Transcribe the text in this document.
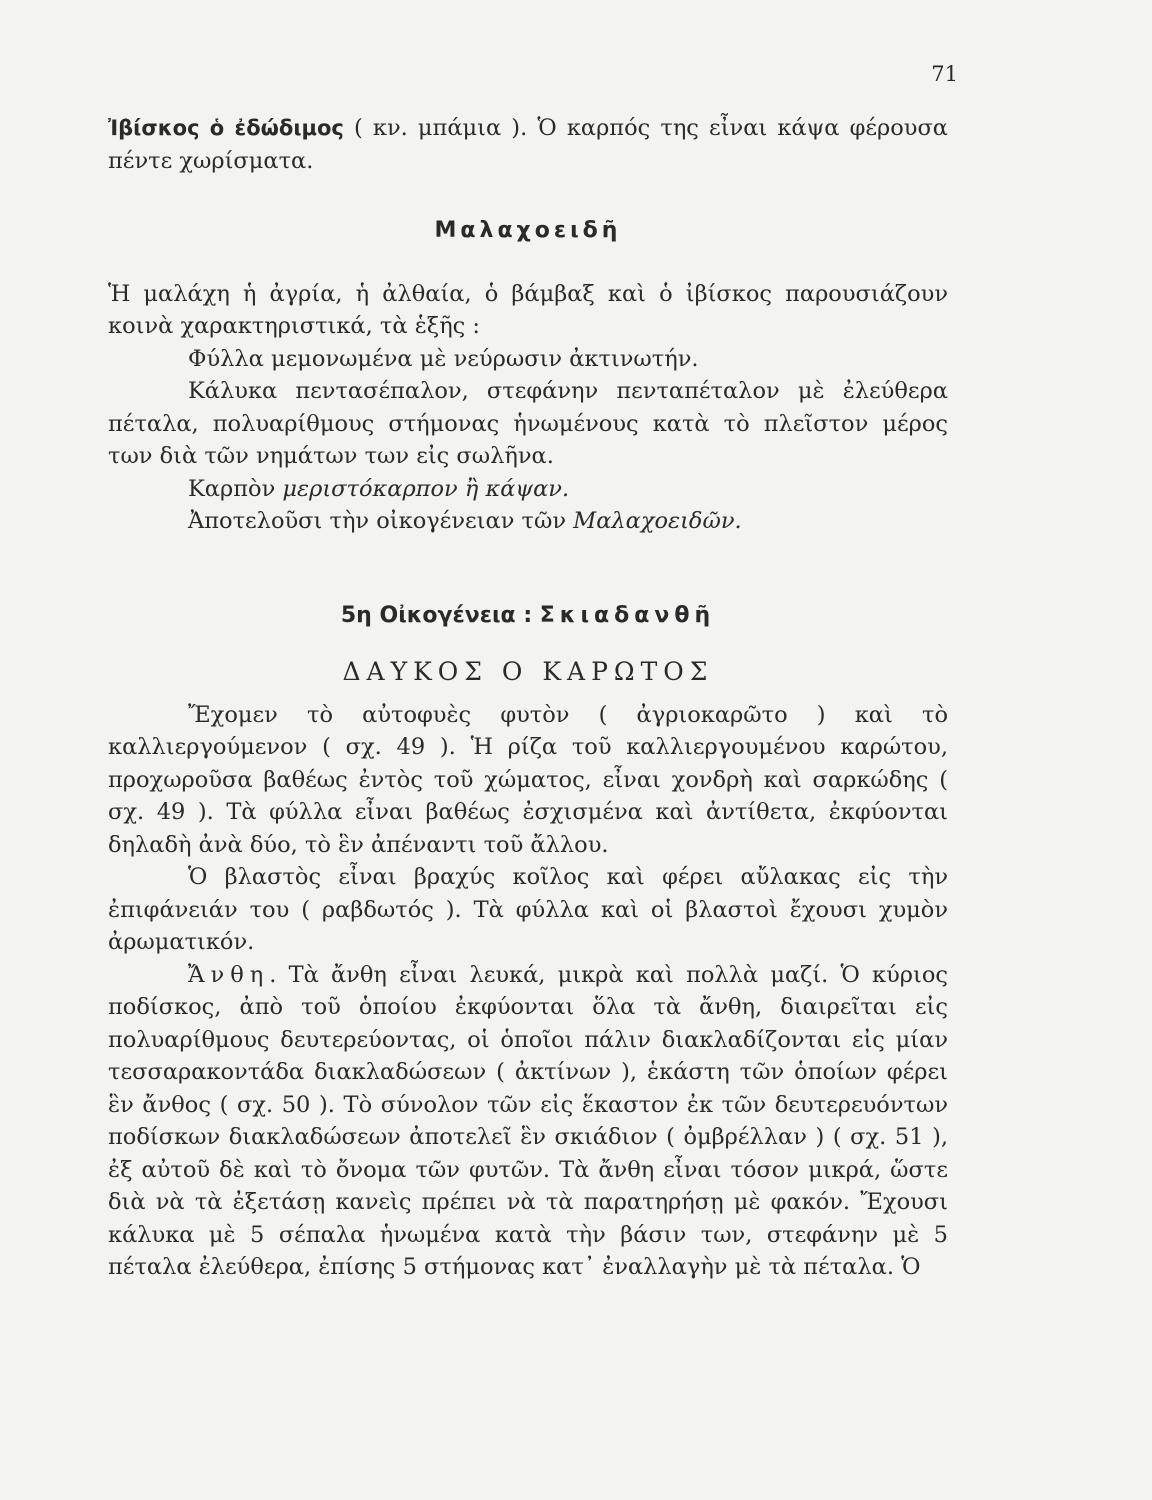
71

Ἰβίσκος ὁ ἐδώδιμος ( κν. μπάμια ). Ὁ καρπός της εἶναι κάψα φέρουσα πέντε χωρίσματα.

Μαλαχοειδῆ

Ἡ μαλάχη ἡ ἀγρία, ἡ ἀλθαία, ὁ βάμβαξ καὶ ὁ ἰβίσκος παρουσιάζουν κοινὰ χαρακτηριστικά, τὰ ἑξῆς :

Φύλλα μεμονωμένα μὲ νεύρωσιν ἀκτινωτήν.

Κάλυκα πεντασέπαλον, στεφάνην πενταπέταλον μὲ ἐλεύθερα πέταλα, πολυαρίθμους στήμονας ἡνωμένους κατὰ τὸ πλεῖστον μέρος των διὰ τῶν νημάτων των εἰς σωλῆνα.

Καρπὸν μεριστόκαρπον ἢ κάψαν.

Ἀποτελοῦσι τὴν οἰκογένειαν τῶν Μαλαχοειδῶν.

5η Οἰκογένεια : Σκιαδανθῆ

ΔΑΥΚΟΣ Ο ΚΑΡΩΤΟΣ

Ἔχομεν τὸ αὐτοφυὲς φυτὸν ( ἀγριοκαρῶτο ) καὶ τὸ καλλιεργούμενον ( σχ. 49 ). Ἡ ρίζα τοῦ καλλιεργουμένου καρώτου, προχωροῦσα βαθέως ἐντὸς τοῦ χώματος, εἶναι χονδρὴ καὶ σαρκώδης ( σχ. 49 ). Τὰ φύλλα εἶναι βαθέως ἐσχισμένα καὶ ἀντίθετα, ἐκφύονται δηλαδὴ ἀνὰ δύο, τὸ ἓν ἀπέναντι τοῦ ἄλλου.

Ὁ βλαστὸς εἶναι βραχύς κοῖλος καὶ φέρει αὔλακας εἰς τὴν ἐπιφάνειάν του ( ραβδωτός ). Τὰ φύλλα καὶ οἱ βλαστοὶ ἔχουσι χυμὸν ἀρωματικόν.

Ἄνθη. Τὰ ἄνθη εἶναι λευκά, μικρὰ καὶ πολλὰ μαζί. Ὁ κύριος ποδίσκος, ἀπὸ τοῦ ὁποίου ἐκφύονται ὅλα τὰ ἄνθη, διαιρεῖται εἰς πολυαρίθμους δευτερεύοντας, οἱ ὁποῖοι πάλιν διακλαδίζονται εἰς μίαν τεσσαρακοντάδα διακλαδώσεων ( ἀκτίνων ), ἑκάστη τῶν ὁποίων φέρει ἓν ἄνθος ( σχ. 50 ). Τὸ σύνολον τῶν εἰς ἕκαστον ἐκ τῶν δευτερευόντων ποδίσκων διακλαδώσεων ἀποτελεῖ ἓν σκιάδιον ( ὀμβρέλλαν ) ( σχ. 51 ), ἐξ αὐτοῦ δὲ καὶ τὸ ὄνομα τῶν φυτῶν. Τὰ ἄνθη εἶναι τόσον μικρά, ὥστε διὰ νὰ τὰ ἐξετάσῃ κανεὶς πρέπει νὰ τὰ παρατηρήσῃ μὲ φακόν. Ἔχουσι κάλυκα μὲ 5 σέπαλα ἡνωμένα κατὰ τὴν βάσιν των, στεφάνην μὲ 5 πέταλα ἐλεύθερα, ἐπίσης 5 στήμονας κατ᾽ ἐναλλαγὴν μὲ τὰ πέταλα. Ὁ
